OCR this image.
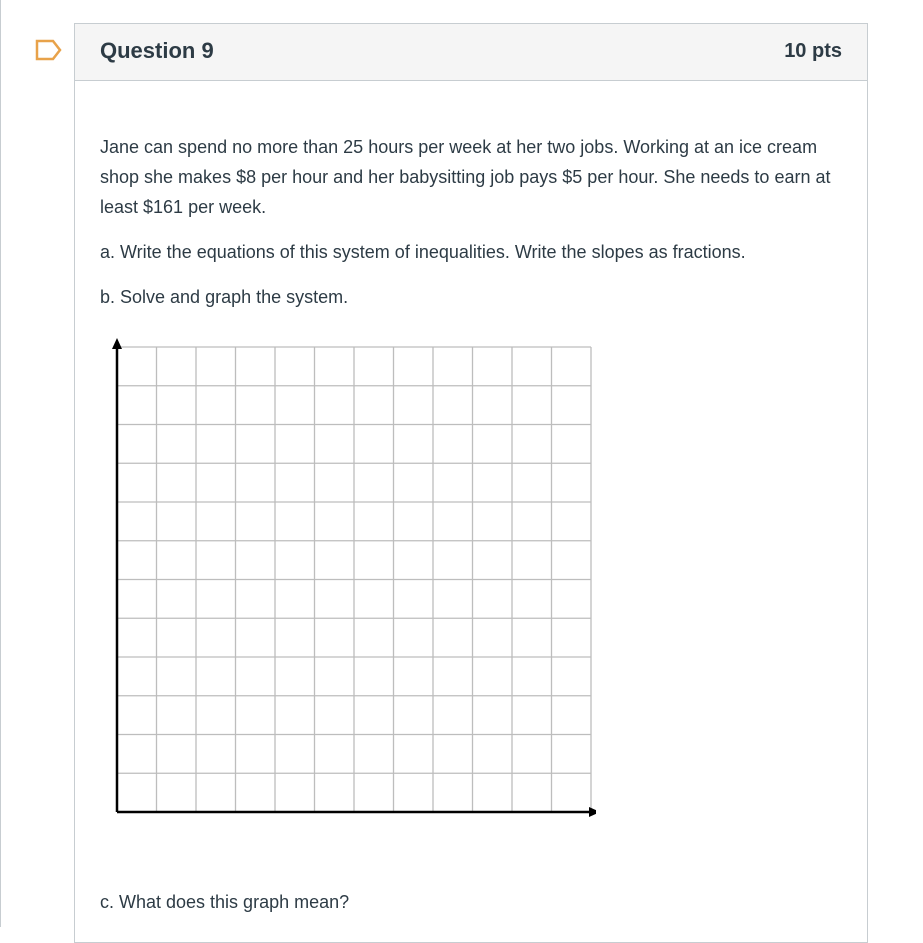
Question 9	10 pts

Jane can spend no more than 25 hours per week at her two jobs. Working at an ice cream shop she makes $8 per hour and her babysitting job pays $5 per hour. She needs to earn at least $161 per week.

a. Write the equations of this system of inequalities. Write the slopes as fractions.
b. Solve and graph the system.
c. What does this graph mean?
